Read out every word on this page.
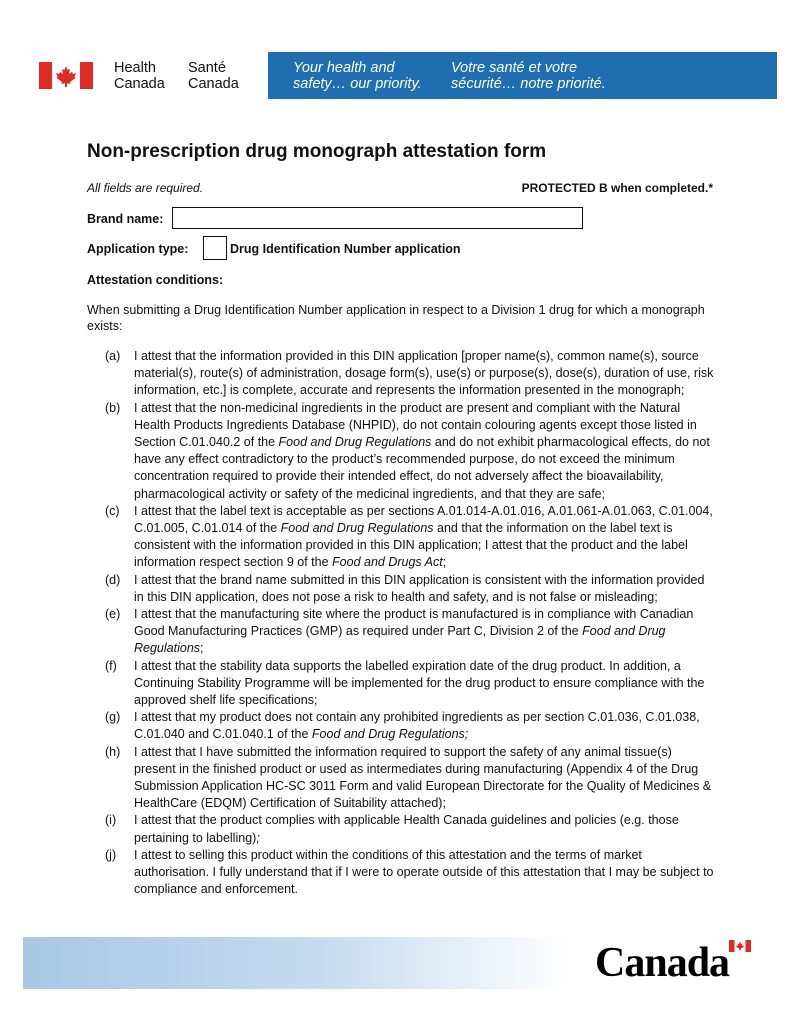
Health
Canada
Santé
Canada
Your health and
safety… our priority.
Votre santé et votre
sécurité… notre priorité.
Non-prescription drug monograph attestation form
All fields are required.	PROTECTED B when completed.*
Brand name:
Application type:	Drug Identification Number application
Attestation conditions:

When submitting a Drug Identification Number application in respect to a Division 1 drug for which a monograph exists:

(a) I attest that the information provided in this DIN application [proper name(s), common name(s), source material(s), route(s) of administration, dosage form(s), use(s) or purpose(s), dose(s), duration of use, risk information, etc.] is complete, accurate and represents the information presented in the monograph;
(b) I attest that the non-medicinal ingredients in the product are present and compliant with the Natural Health Products Ingredients Database (NHPID), do not contain colouring agents except those listed in Section C.01.040.2 of the Food and Drug Regulations and do not exhibit pharmacological effects, do not have any effect contradictory to the product’s recommended purpose, do not exceed the minimum concentration required to provide their intended effect, do not adversely affect the bioavailability, pharmacological activity or safety of the medicinal ingredients, and that they are safe;
(c) I attest that the label text is acceptable as per sections A.01.014-A.01.016, A.01.061-A.01.063, C.01.004, C.01.005, C.01.014 of the Food and Drug Regulations and that the information on the label text is consistent with the information provided in this DIN application; I attest that the product and the label information respect section 9 of the Food and Drugs Act;
(d) I attest that the brand name submitted in this DIN application is consistent with the information provided in this DIN application, does not pose a risk to health and safety, and is not false or misleading;
(e) I attest that the manufacturing site where the product is manufactured is in compliance with Canadian Good Manufacturing Practices (GMP) as required under Part C, Division 2 of the Food and Drug Regulations;
(f) I attest that the stability data supports the labelled expiration date of the drug product. In addition, a Continuing Stability Programme will be implemented for the drug product to ensure compliance with the approved shelf life specifications;
(g) I attest that my product does not contain any prohibited ingredients as per section C.01.036, C.01.038, C.01.040 and C.01.040.1 of the Food and Drug Regulations;
(h) I attest that I have submitted the information required to support the safety of any animal tissue(s) present in the finished product or used as intermediates during manufacturing (Appendix 4 of the Drug Submission Application HC-SC 3011 Form and valid European Directorate for the Quality of Medicines & HealthCare (EDQM) Certification of Suitability attached);
(i) I attest that the product complies with applicable Health Canada guidelines and policies (e.g. those pertaining to labelling);
(j) I attest to selling this product within the conditions of this attestation and the terms of market authorisation. I fully understand that if I were to operate outside of this attestation that I may be subject to compliance and enforcement.
Canada
